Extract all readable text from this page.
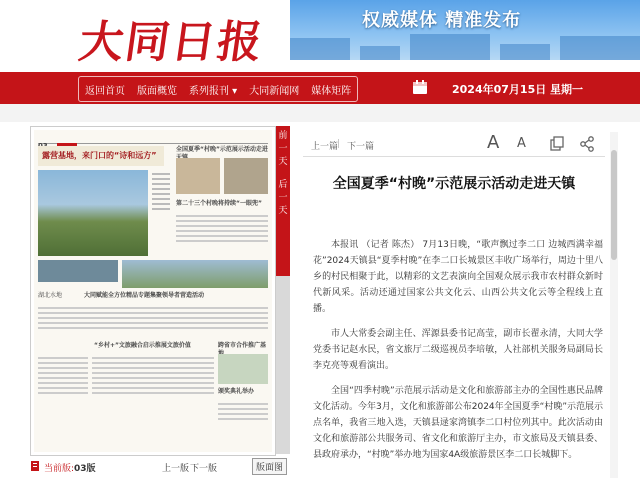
大同日报	权威媒体 精准发布
返回首页	版面概览	系列报刊 ▾	大同新闻网	媒体矩阵	2024年07月15日 星期一
露营基地，来门口的“诗和远方”
全国夏季“村晚”示范展示活动走进
第二十三个村晚将持续“一眼兜”
湖北水地	大同赋能全方位精品专题集聚领导者营造活动
“乡村+”文旅融合启示推展文旅价值	跨省市合作推广基
颁奖典礼举办
前
一
天
后
一
天
当前版: 03版	上一版 下一版	版面图
上一篇
| 下一篇	A A
全国夏季“村晚”示范展示活动走进天镇

本报讯 （记者 陈杰） 7月13日晚，“歌声飘过李二口 边城西满幸福花”2024天镇县“夏季村晚”在李二口长城景区丰收广场举行，周边十里八乡的村民相聚于此，以精彩的文艺表演向全国观众展示我市农村群众新时代新风采。活动还通过国家公共文化云、山西公共文化云等全程线上直播。

市人大常委会副主任、浑源县委书记高莹，副市长翟永清，大同大学党委书记赵水民，省文旅厅二级巡视员李培敏，人社部机关服务局副局长李克亮等观看演出。

全国“四季村晚”示范展示活动是文化和旅游部主办的全国性惠民品牌文化活动。今年3月，文化和旅游部公布2024年全国夏季“村晚”示范展示点名单，我省三地入选，天镇县逯家湾镇李二口村位列其中。此次活动由文化和旅游部公共服务司、省文化和旅游厅主办，市文旅局及天镇县委、县政府承办，“村晚”举办地为国家4A级旅游景区李二口长城脚下。
